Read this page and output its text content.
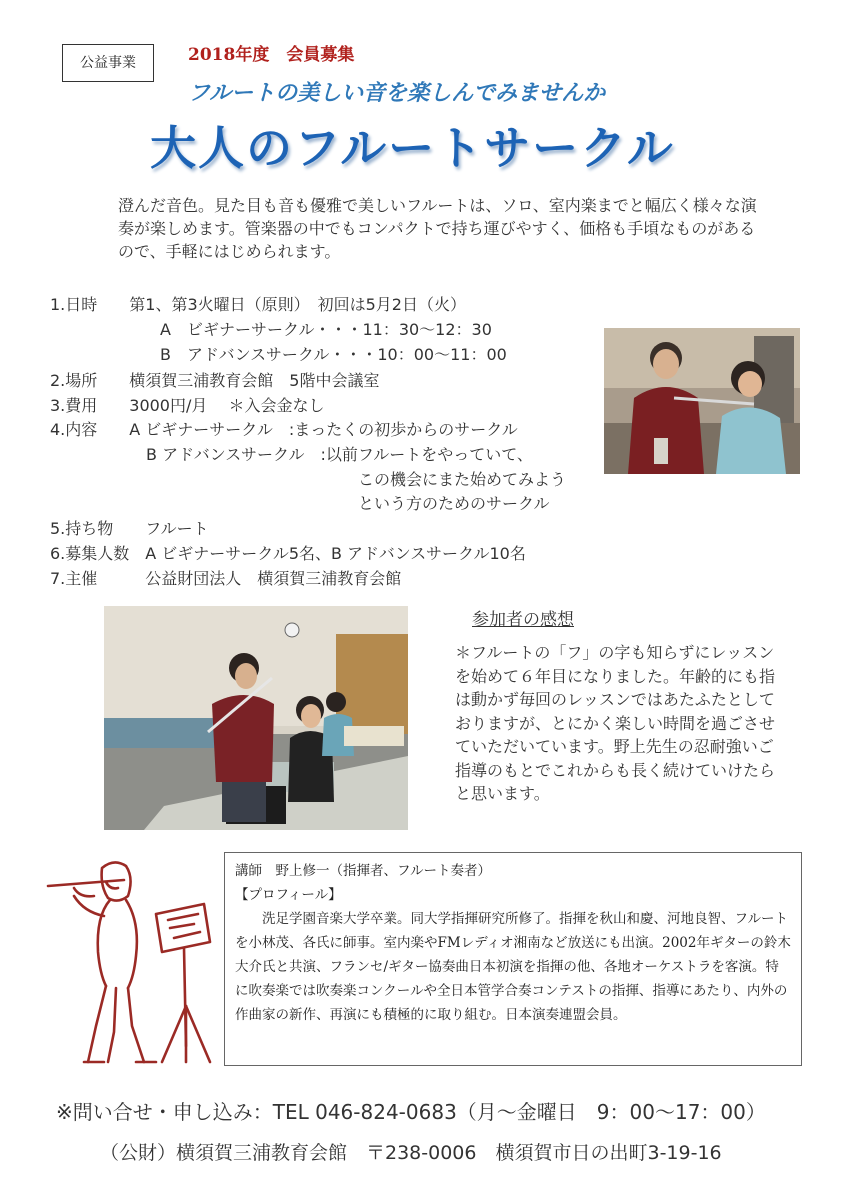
公益事業	2018年度　会員募集
フルートの美しい音を楽しんでみませんか
大人のフルートサークル
澄んだ音色。見た目も音も優雅で美しいフルートは、ソロ、室内楽までと幅広く様々な演奏が楽しめます。管楽器の中でもコンパクトで持ち運びやすく、価格も手頃なものがあるので、手軽にはじめられます。
1.日時　　第1、第3火曜日（原則）　初回は5月2日（火）
A　ビギナーサークル・・・11：30～12：30
B　アドバンスサークル・・・10：00～11：00
2.場所　　横須賀三浦教育会館　5階中会議室
3.費用　　3000円/月　 ＊入会金なし
4.内容　　A ビギナーサークル　:まったくの初歩からのサークル
B アドバンスサークル　:以前フルートをやっていて、
この機会にまた始めてみよう
という方のためのサークル
5.持ち物　　フルート
6.募集人数　A ビギナーサークル5名、B アドバンスサークル10名
7.主催　　　公益財団法人　横須賀三浦教育会館
参加者の感想
＊フルートの「フ」の字も知らずにレッスンを始めて６年目になりました。年齢的にも指は動かず毎回のレッスンではあたふたとしておりますが、とにかく楽しい時間を過ごさせていただいています。野上先生の忍耐強いご指導のもとでこれからも長く続けていけたらと思います。
講師　野上修一（指揮者、フルート奏者）
【プロフィール】

洗足学園音楽大学卒業。同大学指揮研究所修了。指揮を秋山和慶、河地良智、フルートを小林茂、各氏に師事。室内楽やFMレディオ湘南など放送にも出演。2002年ギターの鈴木大介氏と共演、フランセ/ギター協奏曲日本初演を指揮の他、各地オーケストラを客演。特に吹奏楽では吹奏楽コンクールや全日本管学合奏コンテストの指揮、指導にあたり、内外の作曲家の新作、再演にも積極的に取り組む。日本演奏連盟会員。

※問い合せ・申し込み：TEL 046-824-0683（月～金曜日　9：00～17：00）
（公財）横須賀三浦教育会館　〒238-0006　横須賀市日の出町3-19-16
